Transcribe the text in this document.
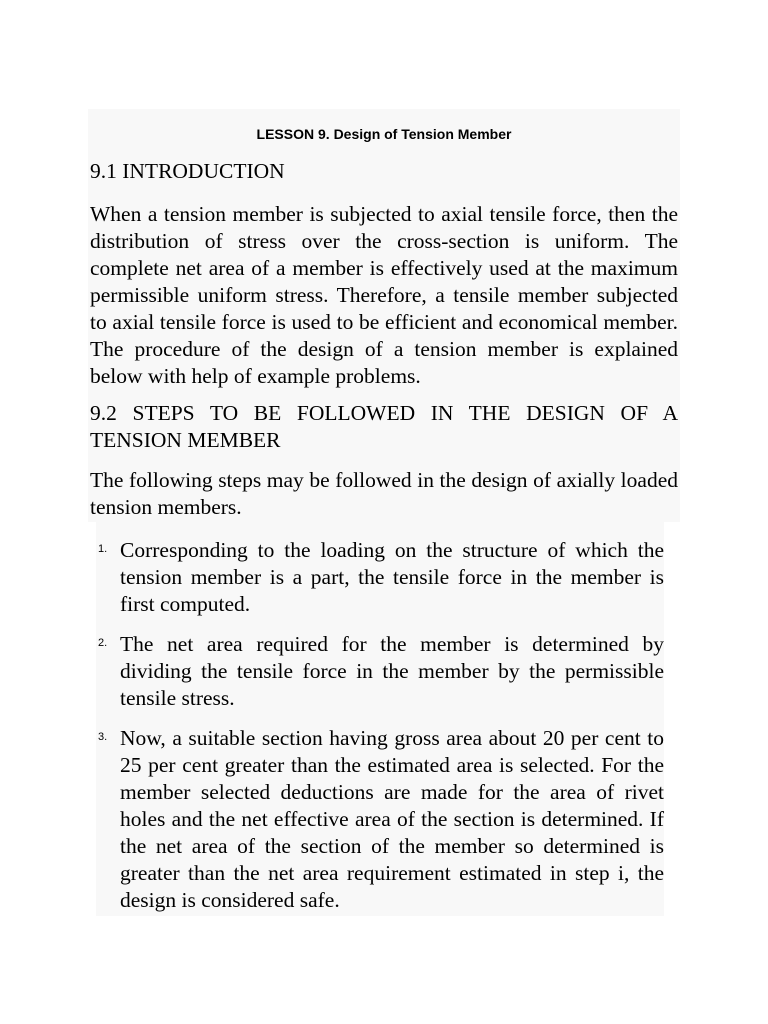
LESSON 9. Design of Tension Member

9.1 INTRODUCTION

When a tension member is subjected to axial tensile force, then the distribution of stress over the cross-section is uniform. The complete net area of a member is effectively used at the maximum permissible uniform stress. Therefore, a tensile member subjected to axial tensile force is used to be efficient and economical member. The procedure of the design of a tension member is explained below with help of example problems.

9.2 STEPS TO BE FOLLOWED IN THE DESIGN OF A
TENSION MEMBER

The following steps may be followed in the design of axially loaded tension members.

1. Corresponding to the loading on the structure of which the tension member is a part, the tensile force in the member is first computed.
2. The net area required for the member is determined by dividing the tensile force in the member by the permissible tensile stress.
3. Now, a suitable section having gross area about 20 per cent to 25 per cent greater than the estimated area is selected. For the member selected deductions are made for the area of rivet holes and the net effective area of the section is determined. If the net area of the section of the member so determined is greater than the net area requirement estimated in step i, the design is considered safe.
